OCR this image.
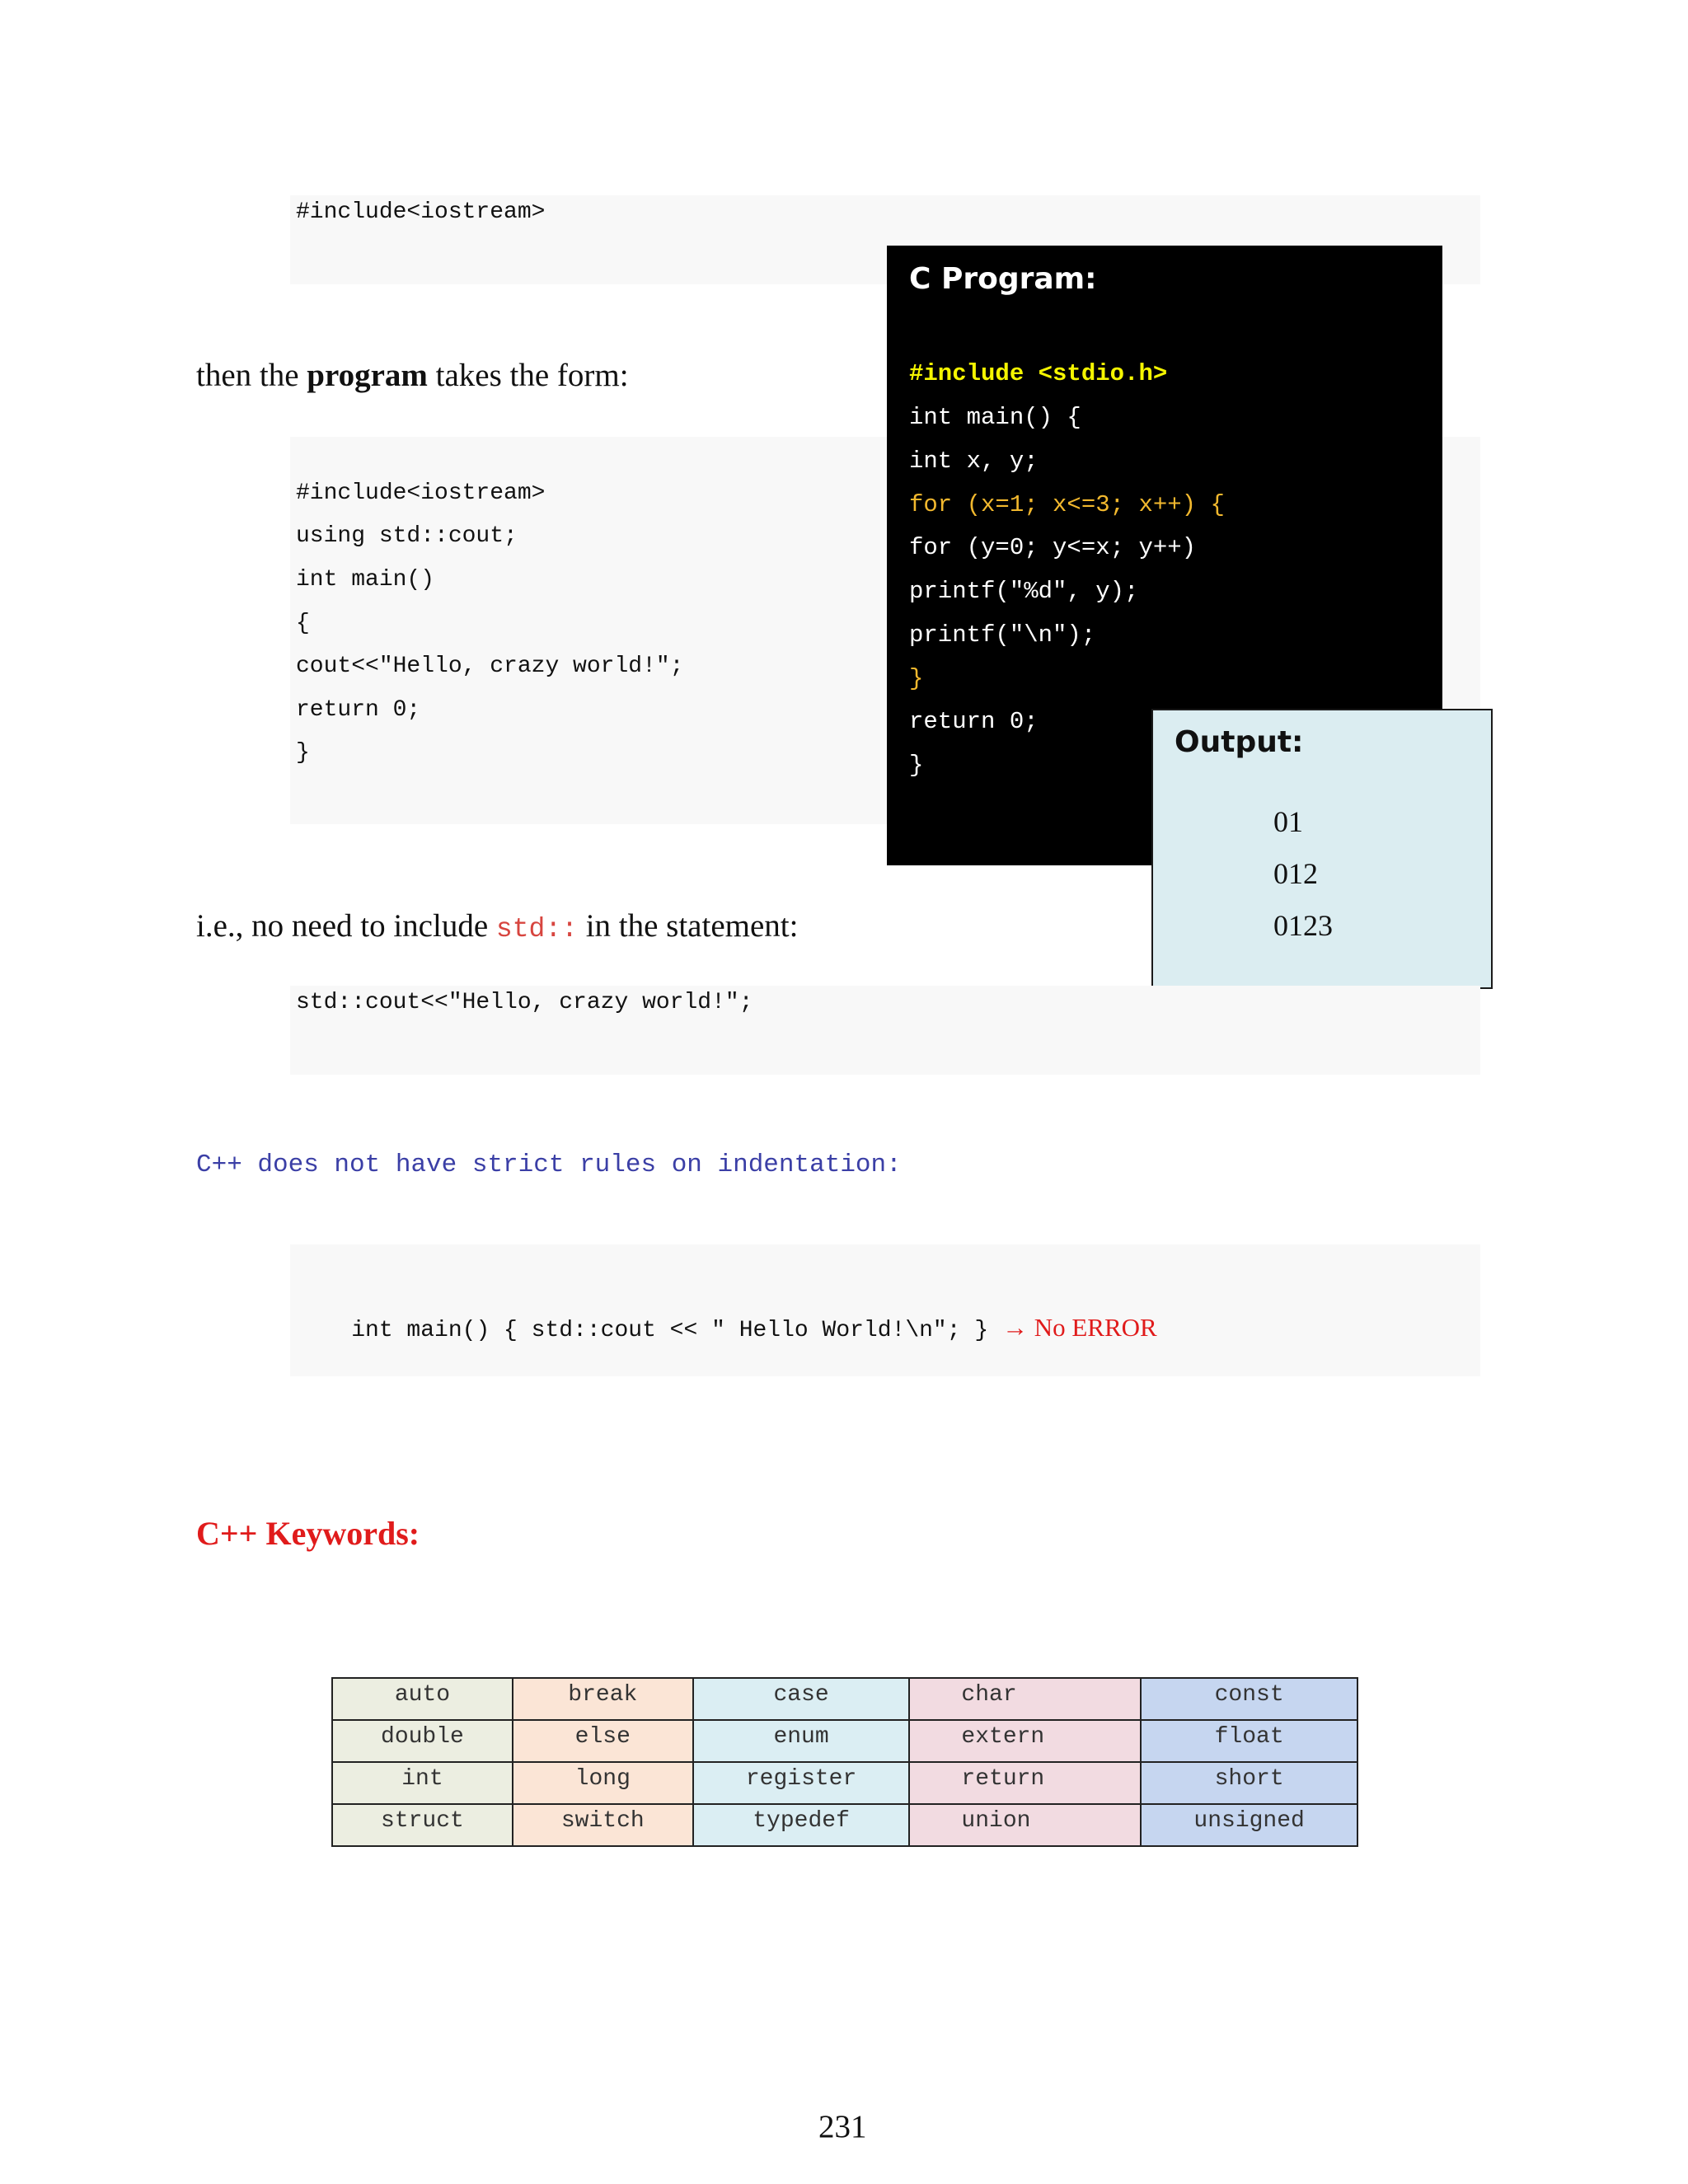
#include<iostream>
then the program takes the form:
#include<iostream>
using std::cout;
int main()
{
cout<<"Hello, crazy world!";
return 0;
}
C Program:
#include <stdio.h>
int main() {
int x, y;
for (x=1; x<=3; x++) {
for (y=0; y<=x; y++)
printf("%d", y);
printf("\n");
}
return 0;
}
Output:
01
012
0123
i.e., no need to include std:: in the statement:
std::cout<<"Hello, crazy world!";
C++ does not have strict rules on indentation:

int main() { std::cout << " Hello World!\n"; } → No ERROR

C++ Keywords:
auto	break	case	char	const
double	else	enum	extern	float
int	long	register	return	short
struct	switch	typedef	union	unsigned
231
